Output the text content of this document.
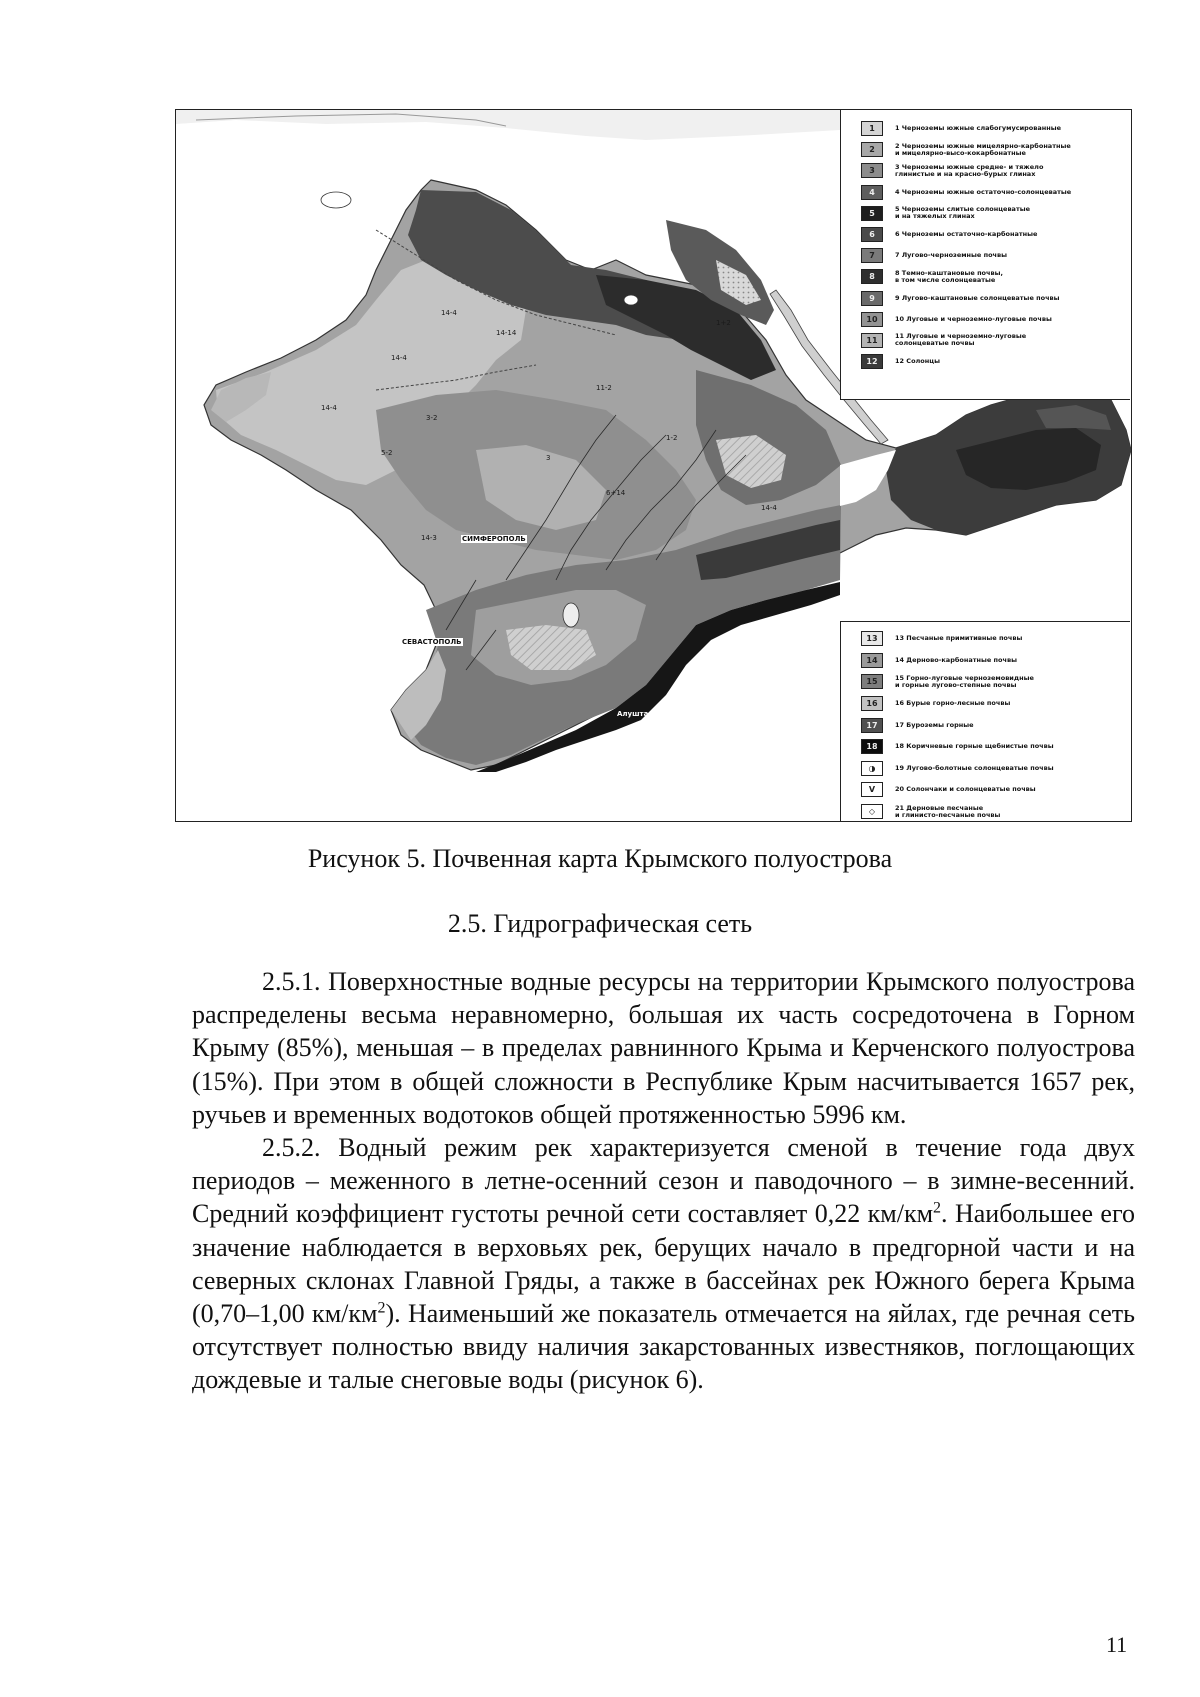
14-4
14-14
14-4
14-4
11-2
3
6+14
3-2
1-2
14-3
14-4
1+2
5-2
СИМФЕРОПОЛЬ
СЕВАСТОПОЛЬ
Алушта
1	1 Черноземы южные слабогумусированные
2	2 Черноземы южные мицелярно-карбонатные
и мицелярно-высо-кокарбонатные
3	3 Черноземы южные средне- и тяжело
глинистые и на красно-бурых глинах
4	4 Черноземы южные остаточно-солонцеватые
5	5 Черноземы слитые солонцеватые
и на тяжелых глинах
6	6 Черноземы остаточно-карбонатные
7	7 Лугово-черноземные почвы
8	8 Темно-каштановые почвы,
в том числе солонцеватые
9	9 Лугово-каштановые солонцеватые почвы
10	10 Луговые и черноземно-луговые почвы
11	11 Луговые и черноземно-луговые
солонцеватые почвы
12	12 Солонцы
13	13 Песчаные примитивные почвы
14	14 Дерново-карбонатные почвы
15	15 Горно-луговые черноземовидные
и горные лугово-степные почвы
16	16 Бурые горно-лесные почвы
17	17 Буроземы горные
18	18 Коричневые горные щебнистые почвы
◑	19 Лугово-болотные солонцеватые почвы
V	20 Солончаки и солонцеватые почвы
◇	21 Дерновые песчаные
и глинисто-песчаные почвы
Рисунок 5. Почвенная карта Крымского полуострова
2.5. Гидрографическая сеть

2.5.1. Поверхностные водные ресурсы на территории Крымского полуострова распределены весьма неравномерно, большая их часть сосредоточена в Горном Крыму (85%), меньшая – в пределах равнинного Крыма и Керченского полуострова (15%). При этом в общей сложности в Республике Крым насчитывается 1657 рек, ручьев и временных водотоков общей протяженностью 5996 км.

2.5.2. Водный режим рек характеризуется сменой в течение года двух периодов – меженного в летне-осенний сезон и паводочного – в зимне-весенний. Средний коэффициент густоты речной сети составляет 0,22 $км/км^2$. Наибольшее его значение наблюдается в верховьях рек, берущих начало в предгорной части и на северных склонах Главной Гряды, а также в бассейнах рек Южного берега Крыма (0,70–1,00 $км/км^2$). Наименьший же показатель отмечается на яйлах, где речная сеть отсутствует полностью ввиду наличия закарстованных известняков, поглощающих дождевые и талые снеговые воды (рисунок 6).

11
